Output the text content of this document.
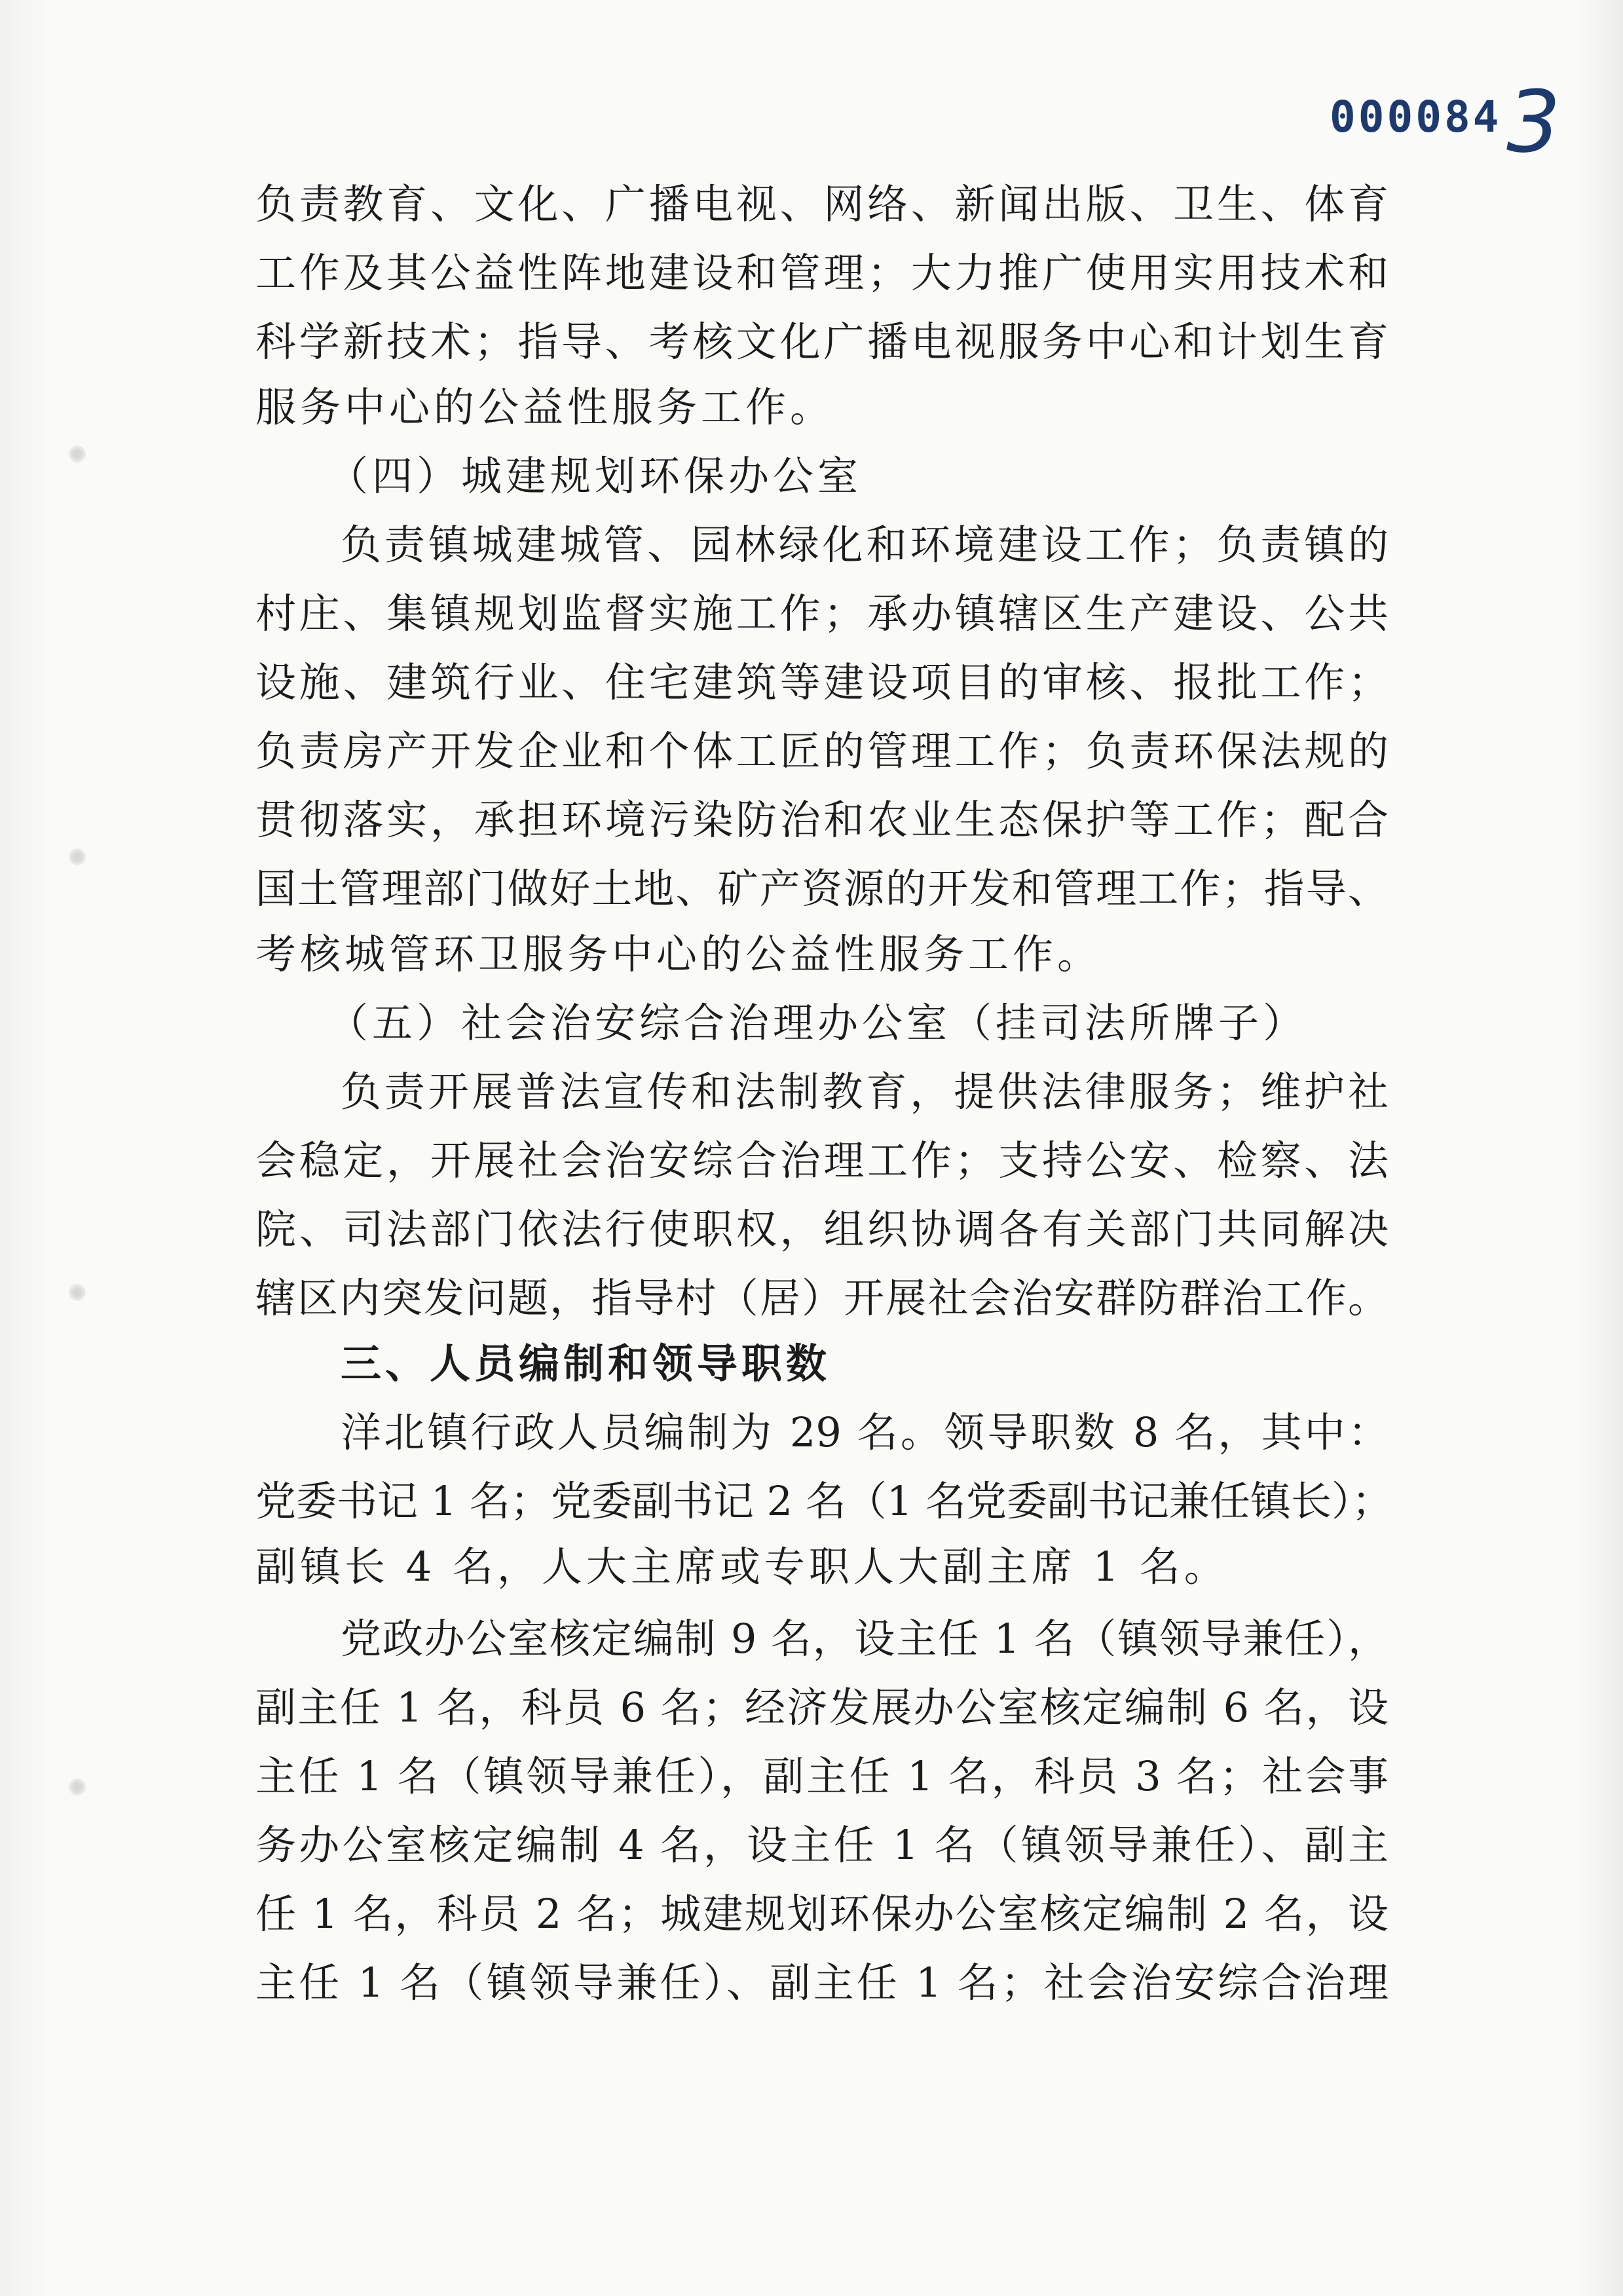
000084 3
负责教育、文化、广播电视、网络、新闻出版、卫生、体育
工作及其公益性阵地建设和管理；大力推广使用实用技术和
科学新技术；指导、考核文化广播电视服务中心和计划生育
服务中心的公益性服务工作。
（四）城建规划环保办公室
负责镇城建城管、园林绿化和环境建设工作；负责镇的
村庄、集镇规划监督实施工作；承办镇辖区生产建设、公共
设施、建筑行业、住宅建筑等建设项目的审核、报批工作；
负责房产开发企业和个体工匠的管理工作；负责环保法规的
贯彻落实，承担环境污染防治和农业生态保护等工作；配合
国土管理部门做好土地、矿产资源的开发和管理工作；指导、
考核城管环卫服务中心的公益性服务工作。
（五）社会治安综合治理办公室（挂司法所牌子）
负责开展普法宣传和法制教育，提供法律服务；维护社
会稳定，开展社会治安综合治理工作；支持公安、检察、法
院、司法部门依法行使职权，组织协调各有关部门共同解决
辖区内突发问题，指导村（居）开展社会治安群防群治工作。
三、人员编制和领导职数
洋北镇行政人员编制为 29 名。领导职数 8 名，其中：
党委书记 1 名；党委副书记 2 名（1 名党委副书记兼任镇长）；
副镇长 4 名，人大主席或专职人大副主席 1 名。
党政办公室核定编制 9 名，设主任 1 名（镇领导兼任），
副主任 1 名，科员 6 名；经济发展办公室核定编制 6 名，设
主任 1 名（镇领导兼任），副主任 1 名，科员 3 名；社会事
务办公室核定编制 4 名，设主任 1 名（镇领导兼任）、副主
任 1 名，科员 2 名；城建规划环保办公室核定编制 2 名，设
主任 1 名（镇领导兼任）、副主任 1 名；社会治安综合治理
